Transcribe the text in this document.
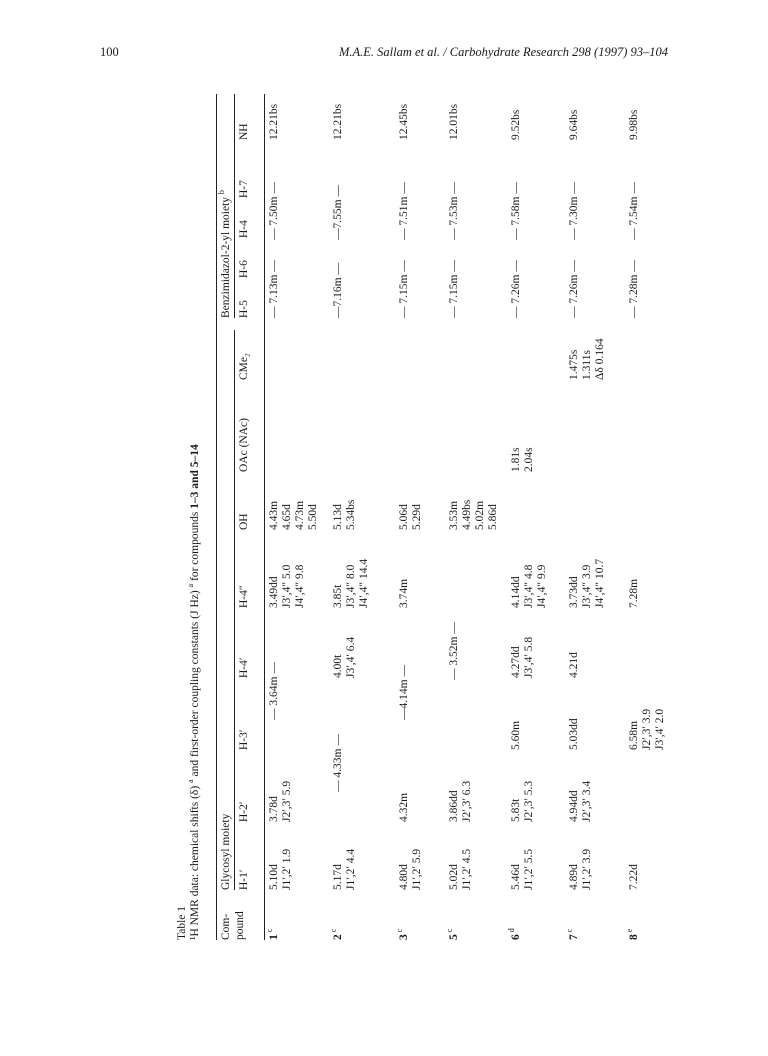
100	M.A.E. Sallam et al. / Carbohydrate Research 298 (1997) 93–104
Table 1 ¹H NMR data: chemical shifts (δ) $^a$ and first-order coupling constants (J Hz) $^a$ for compounds 1–3 and 5–14
Com- pound
Glycosyl moiety
Benzimidazol-2-yl moiety $^b$
H-1′
H-2′
H-3′
H-4′
H-4″
OH
OAc (NAc)
CMe₂
H-5
H-6
H-4
H-7
NH
1 $^c$
5.10d J1′,2′ 1.9
3.78d J2′,3′ 5.9
3.49dd J3′,4″ 5.0 J4′,4″ 9.8
4.43m 4.65d 4.73m 5.50d
— 3.64m —
— 7.13m —
— 7.50m —
12.21bs
2 $^c$
5.17d J1′,2′ 4.4
4.00t J3′,4′ 6.4
3.85t J3′,4″ 8.0 J4′,4″ 14.4
5.13d 5.34bs
— 4.33m —
—7.16m —
—7.55m —
12.21bs
3 $^c$
4.80d J1′,2′ 5.9
4.32m
3.74m
5.06d 5.29d
—4.14m —
— 7.15m —
— 7.51m —
12.45bs
5 $^c$
5.02d J1′,2′ 4.5
3.86dd J2′,3′ 6.3
3.53m 4.49bs 5.02m 5.86d
— 3.52m —
— 7.15m —
— 7.53m —
12.01bs
6 $^d$
5.46d J1′,2′ 5.5
5.83t J2′,3′ 5.3
5.60m
4.27dd J3′,4′ 5.8
4.14dd J3′,4″ 4.8 J4′,4″ 9.9
1.81s 2.04s
— 7.26m —
— 7.58m —
9.52bs
7 $^c$
4.89d J1′,2′ 3.9
4.94dd J2′,3′ 3.4
5.03dd
4.21d
3.73dd J3′,4″ 3.9 J4′,4″ 10.7
1.475s 1.311s Δδ 0.164
— 7.26m —
— 7.30m —
9.64bs
8 $^e$
7.22d
6.58m J2′,3′ 3.9 J3′,4′ 2.0
7.28m
— 7.28m —
— 7.54m —
9.98bs
